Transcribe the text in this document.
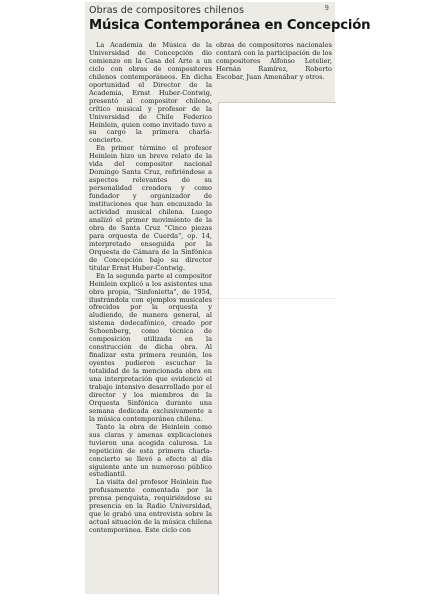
9
Obras de compositores chilenos
Música Contemporánea en Concepción

La Academia de Música de la Universidad de Concepción dio comienzo en la Casa del Arte a un ciclo con obras de compositores chilenos contemporáneos. En dicha oportunidad el Director de la Academia, Ernst Huber-Contwig, presentó al compositor chileno, crítico musical y profesor de la Universidad de Chile Federico Heinlein, quien como invitado tuvo a su cargo la primera charla-concierto.

En primer término el profesor Heinlein hizo un breve relato de la vida del compositor nacional Domingo Santa Cruz, refiriéndose a aspectos relevantes de su personalidad creadora y como fundador y organizador de instituciones que han encauzado la actividad musical chilena. Luego analizó el primer movimiento de la obra de Santa Cruz "Cinco piezas para orquesta de Cuerda", op. 14, interpretado enseguida por la Orquesta de Cámara de la Sinfónica de Concepción bajo su director titular Ernst Huber-Contwig.

En la segunda parte el compositor Heinlein explicó a los asistentes una obra propia, "Sinfonietta", de 1954, ilustrándola con ejemplos musicales ofrecidos por la orquesta y aludiendo, de manera general, al sistema dodecafónico, creado por Schoenberg, como técnica de composición utilizada en la construcción de dicha obra. Al finalizar esta primera reunión, los oyentes pudieron escuchar la totalidad de la mencionada obra en una interpretación que evidenció el trabajo intensivo desarrollado por el director y los miembros de la Orquesta Sinfónica durante una semana dedicada exclusivamente a la música contemporánea chilena.

Tanto la obra de Heinlein como sus claras y amenas explicaciones tuvieron una acogida calurosa. La repetición de esta primera charla-concierto se llevó a efecto al día siguiente ante un numeroso público estudiantil.

La visita del profesor Heinlein fue profusamente comentada por la prensa penquista, requiriéndose su presencia en la Radio Universidad, que le grabó una entrevista sobre la actual situación de la música chilena contemporánea. Este ciclo con

obras de compositores nacionales contará con la participación de los compositores Alfonso Letelier, Hernán Ramírez, Roberto Escobar, Juan Amenábar y otros.
